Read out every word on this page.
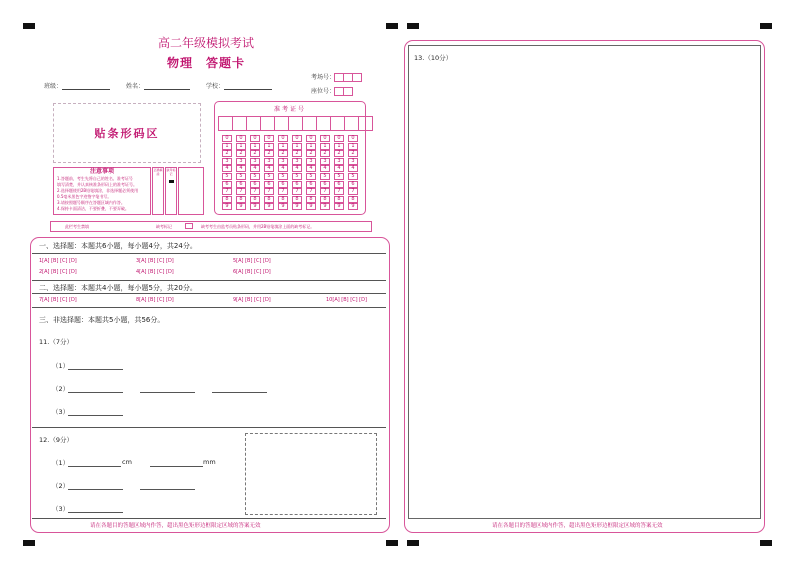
高二年级模拟考试
物理　答题卡
班级：	姓名：	学校：
考场号：
座位号：
贴条形码区
注意事项
1.答题前，考生先将自己的姓名、准考证号
填写清楚，并认真核准条形码上的准考证号。
2.选择题使用2B铅笔填涂，非选择题必须使用
0.5毫米黑色字迹签字笔书写。
3.请按照题号顺序在答题区域内作答。
4.保持卡面清洁，不要折叠，不要弄破。
正确填涂
缺考标记
准考证号
0	0	0	0	0	0	0	0	0	0
1	1	1	1	1	1	1	1	1	1
2	2	2	2	2	2	2	2	2	2
3	3	3	3	3	3	3	3	3	3
4	4	4	4	4	4	4	4	4	4
5	5	5	5	5	5	5	5	5	5
6	6	6	6	6	6	6	6	6	6
7	7	7	7	7	7	7	7	7	7
8	8	8	8	8	8	8	8	8	8
9	9	9	9	9	9	9	9	9	9
此栏考生禁填	缺考标记	缺考考生由监考员贴条形码，并用2B铅笔填涂上面的缺考标记。
一、选择题：本题共6小题，每小题4分，共24分。
1[A] [B] [C] [D]	3[A] [B] [C] [D]	5[A] [B] [C] [D]
2[A] [B] [C] [D]	4[A] [B] [C] [D]	6[A] [B] [C] [D]
二、选择题：本题共4小题，每小题5分，共20分。
7[A] [B] [C] [D]	8[A] [B] [C] [D]	9[A] [B] [C] [D]	10[A] [B] [C] [D]
三、非选择题：本题共5小题，共56分。
11.（7分）
（1）
（2）
（3）
12.（9分）
（1）	cm	mm
（2）
（3）
请在各题目的答题区域内作答，超出黑色矩形边框限定区域的答案无效
13.（10分）
请在各题目的答题区域内作答，超出黑色矩形边框限定区域的答案无效
